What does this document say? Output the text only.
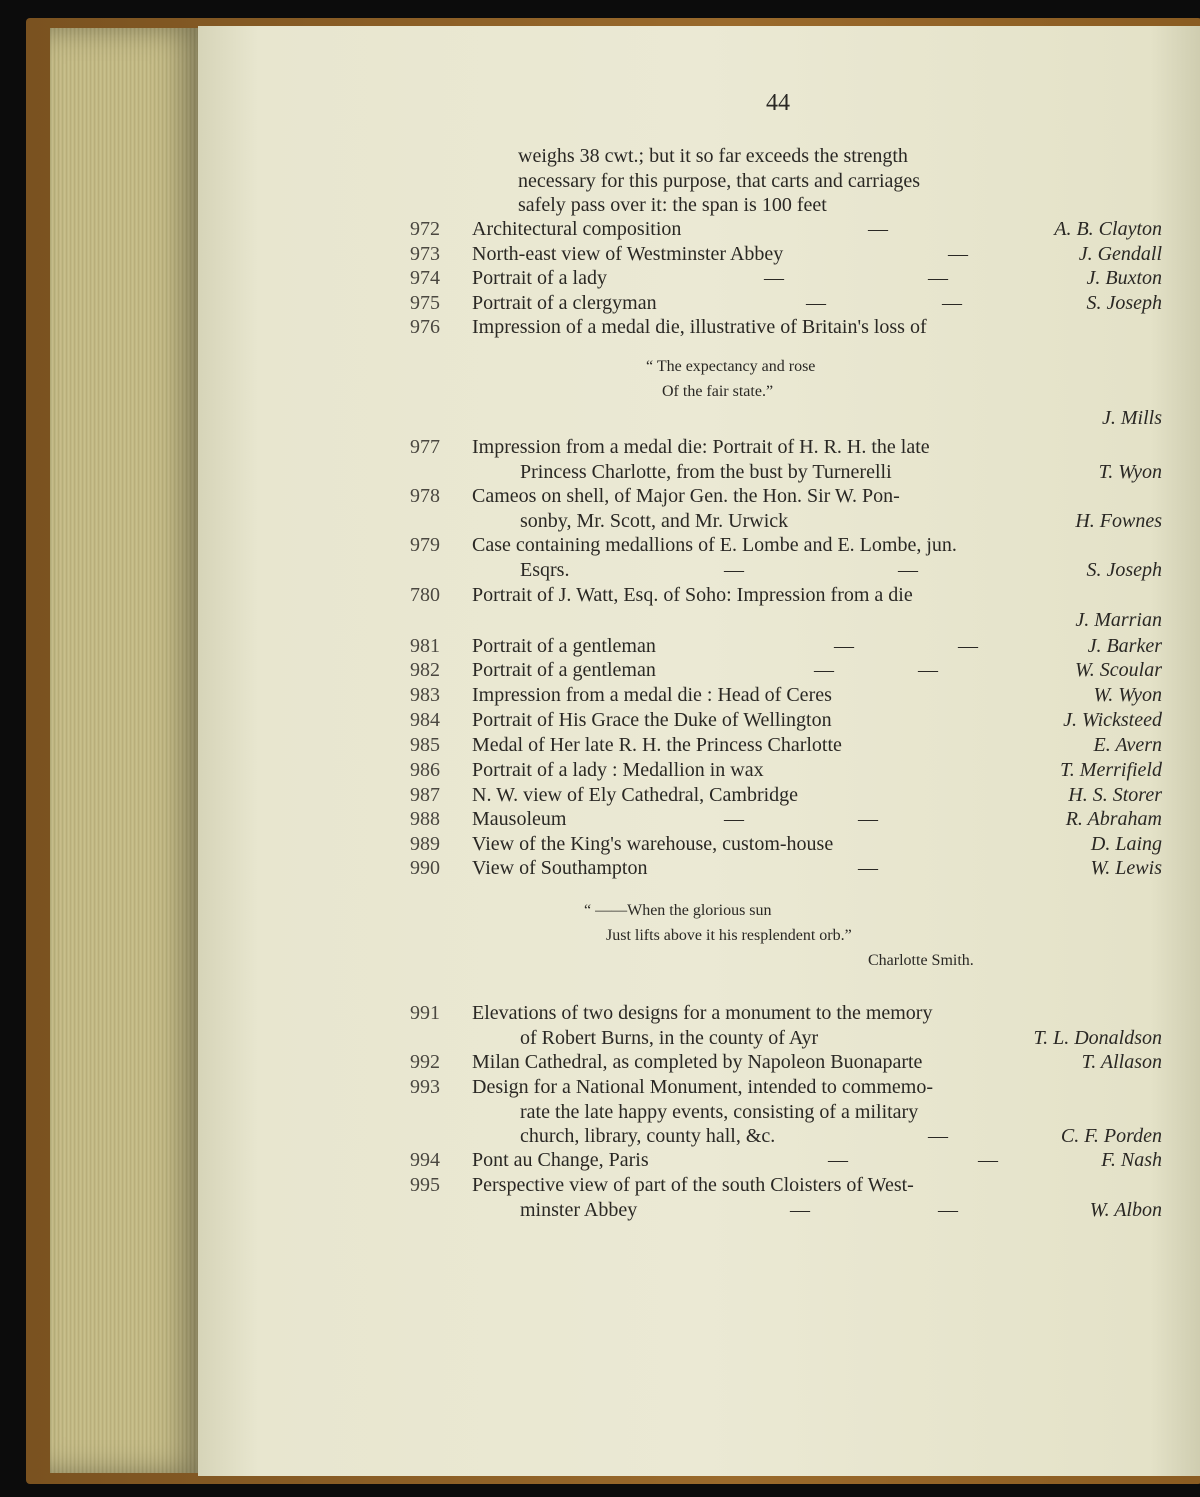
44
weighs 38 cwt.; but it so far exceeds the strength
necessary for this purpose, that carts and carriages
safely pass over it: the span is 100 feet
972	Architectural composition	—	A. B. Clayton
973	North-east view of Westminster Abbey	—	J. Gendall
974	Portrait of a lady	—	—	J. Buxton
975	Portrait of a clergyman	—	—	S. Joseph
976	Impression of a medal die, illustrative of Britain's loss of
“ The expectancy and rose
Of the fair state.”
J. Mills
977	Impression from a medal die: Portrait of H. R. H. the late
Princess Charlotte, from the bust by Turnerelli	T. Wyon
978	Cameos on shell, of Major Gen. the Hon. Sir W. Pon-
sonby, Mr. Scott, and Mr. Urwick	H. Fownes
979	Case containing medallions of E. Lombe and E. Lombe, jun.
Esqrs.	—	—	S. Joseph
780	Portrait of J. Watt, Esq. of Soho: Impression from a die
J. Marrian
981	Portrait of a gentleman	—	—	J. Barker
982	Portrait of a gentleman	—	—	W. Scoular
983	Impression from a medal die : Head of Ceres	W. Wyon
984	Portrait of His Grace the Duke of Wellington	J. Wicksteed
985	Medal of Her late R. H. the Princess Charlotte	E. Avern
986	Portrait of a lady : Medallion in wax	T. Merrifield
987	N. W. view of Ely Cathedral, Cambridge	H. S. Storer
988	Mausoleum	—	—	R. Abraham
989	View of the King's warehouse, custom-house	D. Laing
990	View of Southampton	—	W. Lewis
“ ——When the glorious sun
Just lifts above it his resplendent orb.”
Charlotte Smith.
991	Elevations of two designs for a monument to the memory
of Robert Burns, in the county of Ayr	T. L. Donaldson
992	Milan Cathedral, as completed by Napoleon Buonaparte	T. Allason
993	Design for a National Monument, intended to commemo-
rate the late happy events, consisting of a military
church, library, county hall, &c.	—	C. F. Porden
994	Pont au Change, Paris	—	—	F. Nash
995	Perspective view of part of the south Cloisters of West-
minster Abbey	—	—	W. Albon
